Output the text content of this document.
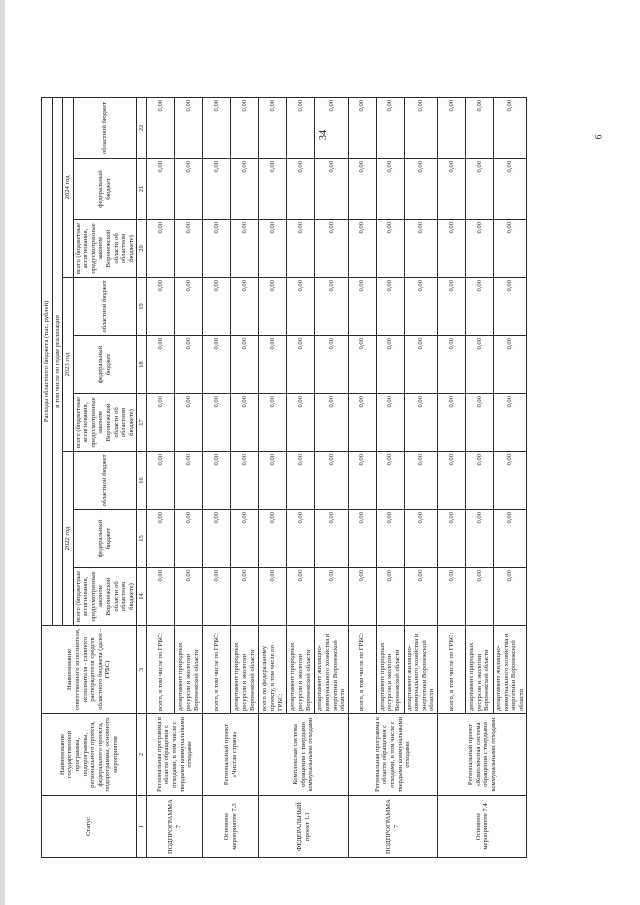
34	6
Статус	Наименование государственной программы, подпрограммы, регионального проекта, федерального проекта, подпрограммы, основного мероприятия	Наименование ответственного исполнителя, исполнителя - главного распорядителя средств областного бюджета (далее - ГРБС)	Расходы областного бюджета (тыс. рублей)								
			в том числе по годам реализации								
			2022 год			2023 год			2024 год		
			всего (бюджетные ассигнования, предусмотренные законом Воронежской области об областном бюджете)	федеральный бюджет	областной бюджет	всего (бюджетные ассигнования, предусмотренные законом Воронежской области об областном бюджете)	федеральный бюджет	областной бюджет	всего (бюджетные ассигнования, предусмотренные законом Воронежской области об областном бюджете)	федеральный бюджет	областной бюджет
1	2	3	14	15	16	17	18	19	20	21	22
ПОДПРОГРАММА 7	Региональная программа в области обращения с отходами, в том числе с твердыми коммунальными отходами	всего, в том числе по ГРБС:	0,00	0,00	0,00	0,00	0,00	0,00	0,00	0,00	0,00
		департамент природных ресурсов и экологии Воронежской области	0,00	0,00	0,00	0,00	0,00	0,00	0,00	0,00	0,00
Основное мероприятие 7.3	Региональный проект «Чистая страна»	всего, в том числе по ГРБС:	0,00	0,00	0,00	0,00	0,00	0,00	0,00	0,00	0,00
		департамент природных ресурсов и экологии Воронежской области	0,00	0,00	0,00	0,00	0,00	0,00	0,00	0,00	0,00
ФЕДЕРАЛЬНЫЙ проект 1.1	Комплексная система обращения с твердыми коммунальными отходами	всего по федеральному проекту, в том числе по ГРБС:	0,00	0,00	0,00	0,00	0,00	0,00	0,00	0,00	0,00
		департамент природных ресурсов и экологии Воронежской области	0,00	0,00	0,00	0,00	0,00	0,00	0,00	0,00	0,00
		департамент жилищно-коммунального хозяйства и энергетики Воронежской области	0,00	0,00	0,00	0,00	0,00	0,00	0,00	0,00	0,00
ПОДПРОГРАММА 7	Региональная программа в области обращения с отходами, в том числе с твердыми коммунальными отходами	всего, в том числе по ГРБС:	0,00	0,00	0,00	0,00	0,00	0,00	0,00	0,00	0,00
		департамент природных ресурсов и экологии Воронежской области	0,00	0,00	0,00	0,00	0,00	0,00	0,00	0,00	0,00
		департамент жилищно-коммунального хозяйства и энергетики Воронежской области	0,00	0,00	0,00	0,00	0,00	0,00	0,00	0,00	0,00
Основное мероприятие 7.4	Региональный проект «Комплексная система обращения с твердыми коммунальными отходами	всего, в том числе по ГРБС:	0,00	0,00	0,00	0,00	0,00	0,00	0,00	0,00	0,00
		департамент природных ресурсов и экологии Воронежской области	0,00	0,00	0,00	0,00	0,00	0,00	0,00	0,00	0,00
		департамент жилищно-коммунального хозяйства и энергетики Воронежской области	0,00	0,00	0,00	0,00	0,00	0,00	0,00	0,00	0,00
